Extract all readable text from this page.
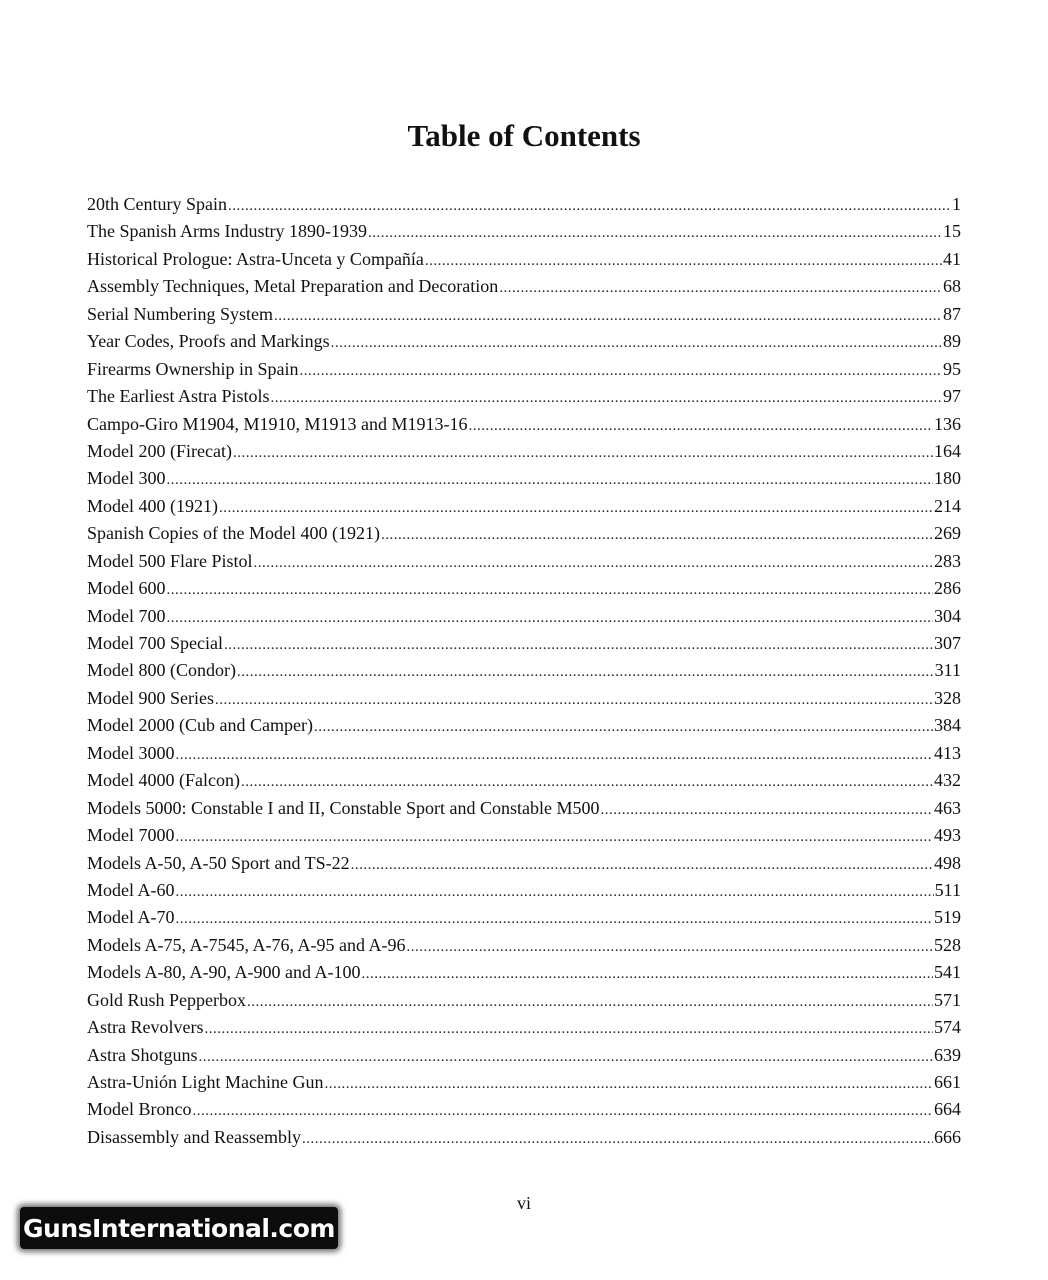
Table of Contents
20th Century Spain .....	1
The Spanish Arms Industry 1890-1939 .....	15
Historical Prologue: Astra-Unceta y Compañía .....	41
Assembly Techniques, Metal Preparation and Decoration .....	68
Serial Numbering System .....	87
Year Codes, Proofs and Markings .....	89
Firearms Ownership in Spain .....	95
The Earliest Astra Pistols .....	97
Campo-Giro M1904, M1910, M1913 and M1913-16 .....	136
Model 200 (Firecat) .....	164
Model 300 .....	180
Model 400 (1921) .....	214
Spanish Copies of the Model 400 (1921) .....	269
Model 500 Flare Pistol .....	283
Model 600 .....	286
Model 700 .....	304
Model 700 Special .....	307
Model 800 (Condor) .....	311
Model 900 Series .....	328
Model 2000 (Cub and Camper) .....	384
Model 3000 .....	413
Model 4000 (Falcon) .....	432
Models 5000: Constable I and II, Constable Sport and Constable M500 .....	463
Model 7000 .....	493
Models A-50, A-50 Sport and TS-22 .....	498
Model A-60 .....	511
Model A-70 .....	519
Models A-75, A-7545, A-76, A-95 and A-96 .....	528
Models A-80, A-90, A-900 and A-100 .....	541
Gold Rush Pepperbox .....	571
Astra Revolvers .....	574
Astra Shotguns .....	639
Astra-Unión Light Machine Gun .....	661
Model Bronco .....	664
Disassembly and Reassembly .....	666

vi

GunsInternational.com
